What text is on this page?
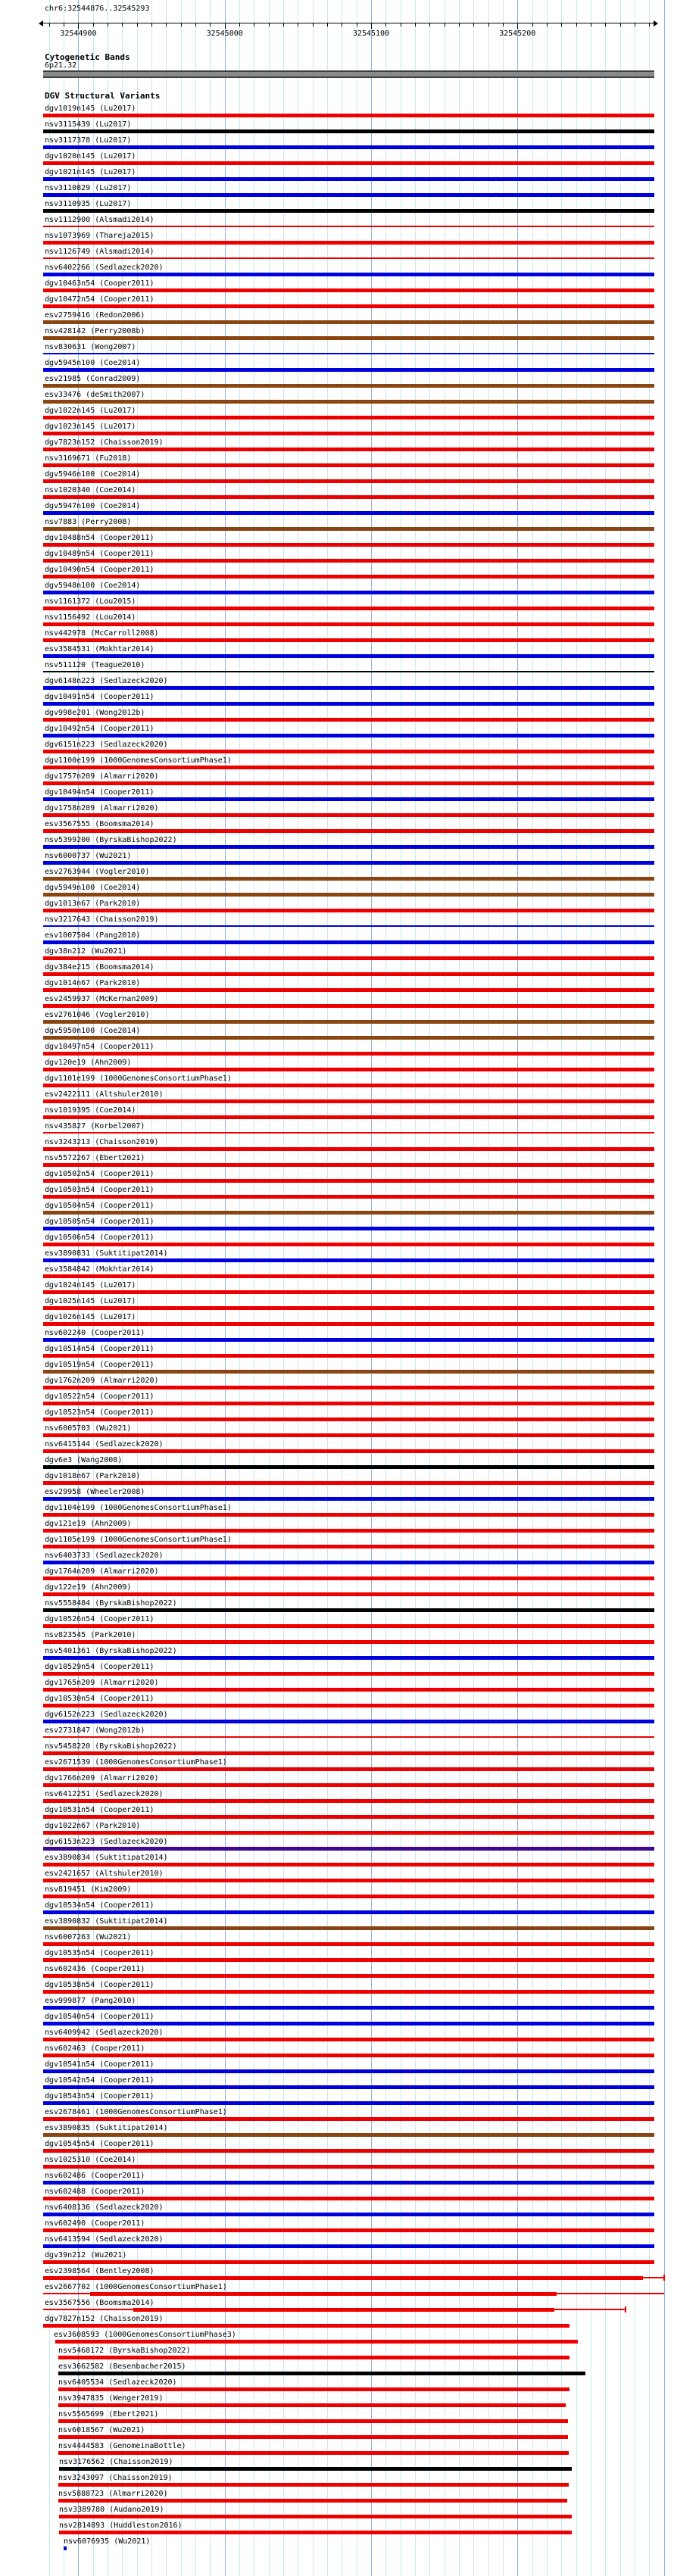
chr6:32544876..32545293
32544900	32545000	32545100	32545200
Cytogenetic Bands
6p21.32
DGV Structural Variants
dgv1019n145 (Lu2017)
nsv3115439 (Lu2017)
nsv3117378 (Lu2017)
dgv1020n145 (Lu2017)
dgv1021n145 (Lu2017)
nsv3110829 (Lu2017)
nsv3110935 (Lu2017)
nsv1112900 (Alsmadi2014)
nsv1073969 (Thareja2015)
nsv1126749 (Alsmadi2014)
nsv6402266 (Sedlazeck2020)
dgv10463n54 (Cooper2011)
dgv10472n54 (Cooper2011)
esv2759416 (Redon2006)
nsv428142 (Perry2008b)
nsv830631 (Wong2007)
dgv5945n100 (Coe2014)
esv21985 (Conrad2009)
esv33476 (deSmith2007)
dgv1022n145 (Lu2017)
dgv1023n145 (Lu2017)
dgv7823n152 (Chaisson2019)
nsv3169671 (Fu2018)
dgv5946n100 (Coe2014)
nsv1020340 (Coe2014)
dgv5947n100 (Coe2014)
nsv7883 (Perry2008)
dgv10488n54 (Cooper2011)
dgv10489n54 (Cooper2011)
dgv10490n54 (Cooper2011)
dgv5948n100 (Coe2014)
nsv1161372 (Lou2015)
nsv1156492 (Lou2014)
nsv442978 (McCarroll2008)
esv3584531 (Mokhtar2014)
nsv511120 (Teague2010)
dgv6148n223 (Sedlazeck2020)
dgv10491n54 (Cooper2011)
dgv998e201 (Wong2012b)
dgv10492n54 (Cooper2011)
dgv6151n223 (Sedlazeck2020)
dgv1100e199 (1000GenomesConsortiumPhase1)
dgv1757n209 (Almarri2020)
dgv10494n54 (Cooper2011)
dgv1758n209 (Almarri2020)
esv3567555 (Boomsma2014)
nsv5399200 (ByrskaBishop2022)
nsv6000737 (Wu2021)
esv2763944 (Vogler2010)
dgv5949n100 (Coe2014)
dgv1013n67 (Park2010)
nsv3217643 (Chaisson2019)
esv1007504 (Pang2010)
dgv38n212 (Wu2021)
dgv384e215 (Boomsma2014)
dgv1014n67 (Park2010)
esv2459937 (McKernan2009)
esv2761046 (Vogler2010)
dgv5950n100 (Coe2014)
dgv10497n54 (Cooper2011)
dgv120e19 (Ahn2009)
dgv1101e199 (1000GenomesConsortiumPhase1)
esv2422111 (Altshuler2010)
nsv1019395 (Coe2014)
nsv435827 (Korbel2007)
nsv3243213 (Chaisson2019)
nsv5572267 (Ebert2021)
dgv10502n54 (Cooper2011)
dgv10503n54 (Cooper2011)
dgv10504n54 (Cooper2011)
dgv10505n54 (Cooper2011)
dgv10506n54 (Cooper2011)
esv3890831 (Suktitipat2014)
esv3584842 (Mokhtar2014)
dgv1024n145 (Lu2017)
dgv1025n145 (Lu2017)
dgv1026n145 (Lu2017)
nsv602240 (Cooper2011)
dgv10514n54 (Cooper2011)
dgv10519n54 (Cooper2011)
dgv1762n209 (Almarri2020)
dgv10522n54 (Cooper2011)
dgv10523n54 (Cooper2011)
nsv6005703 (Wu2021)
nsv6415144 (Sedlazeck2020)
dgv6e3 (Wang2008)
dgv1018n67 (Park2010)
esv29958 (Wheeler2008)
dgv1104e199 (1000GenomesConsortiumPhase1)
dgv121e19 (Ahn2009)
dgv1105e199 (1000GenomesConsortiumPhase1)
nsv6403733 (Sedlazeck2020)
dgv1764n209 (Almarri2020)
dgv122e19 (Ahn2009)
nsv5558484 (ByrskaBishop2022)
dgv10526n54 (Cooper2011)
nsv823545 (Park2010)
nsv5401361 (ByrskaBishop2022)
dgv10529n54 (Cooper2011)
dgv1765n209 (Almarri2020)
dgv10530n54 (Cooper2011)
dgv6152n223 (Sedlazeck2020)
esv2731847 (Wong2012b)
nsv5458220 (ByrskaBishop2022)
esv2671539 (1000GenomesConsortiumPhase1)
dgv1766n209 (Almarri2020)
nsv6412251 (Sedlazeck2020)
dgv10531n54 (Cooper2011)
dgv1022n67 (Park2010)
dgv6153n223 (Sedlazeck2020)
esv3890834 (Suktitipat2014)
esv2421657 (Altshuler2010)
nsv819451 (Kim2009)
dgv10534n54 (Cooper2011)
esv3890832 (Suktitipat2014)
nsv6007263 (Wu2021)
dgv10535n54 (Cooper2011)
nsv602436 (Cooper2011)
dgv10538n54 (Cooper2011)
esv999877 (Pang2010)
dgv10540n54 (Cooper2011)
nsv6409942 (Sedlazeck2020)
nsv602463 (Cooper2011)
dgv10541n54 (Cooper2011)
dgv10542n54 (Cooper2011)
dgv10543n54 (Cooper2011)
esv2678461 (1000GenomesConsortiumPhase1)
esv3890835 (Suktitipat2014)
dgv10545n54 (Cooper2011)
nsv1025310 (Coe2014)
nsv602486 (Cooper2011)
nsv602488 (Cooper2011)
nsv6408136 (Sedlazeck2020)
nsv602490 (Cooper2011)
nsv6413594 (Sedlazeck2020)
dgv39n212 (Wu2021)
esv2398564 (Bentley2008)
esv2667702 (1000GenomesConsortiumPhase1)
esv3567556 (Boomsma2014)
dgv7827n152 (Chaisson2019)
esv3608593 (1000GenomesConsortiumPhase3)
nsv5468172 (ByrskaBishop2022)
esv3662582 (Besenbacher2015)
nsv6405534 (Sedlazeck2020)
nsv3947835 (Wenger2019)
nsv5565699 (Ebert2021)
nsv6018567 (Wu2021)
nsv4444583 (GenomeinaBottle)
nsv3176562 (Chaisson2019)
nsv3243097 (Chaisson2019)
nsv5888723 (Almarri2020)
nsv3389780 (Audano2019)
nsv2814893 (Huddleston2016)
nsv6076935 (Wu2021)
